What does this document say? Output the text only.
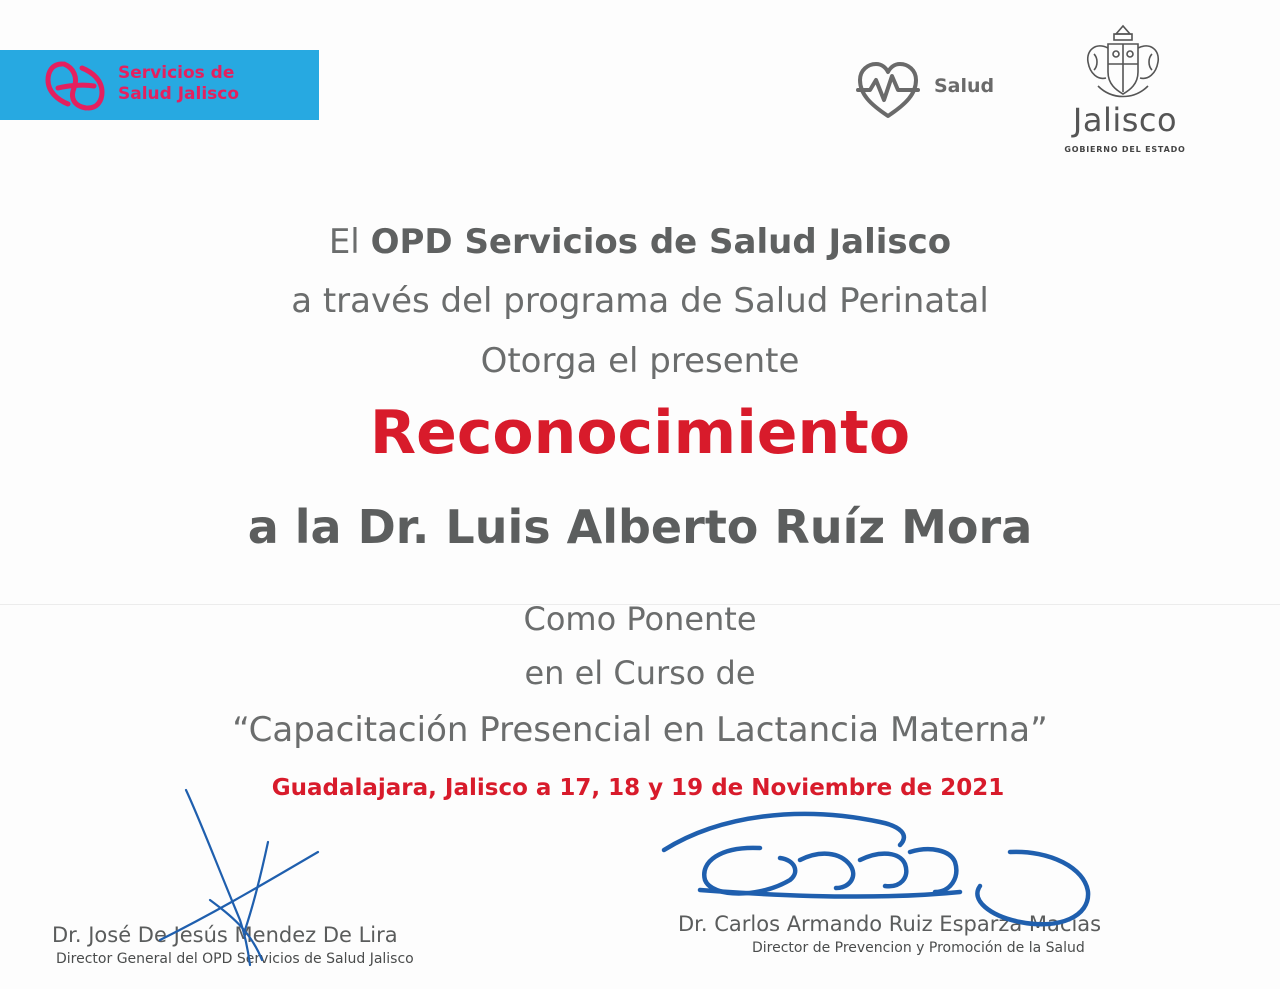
Servicios de
Salud Jalisco	Salud
Jalisco
GOBIERNO DEL ESTADO
El OPD Servicios de Salud Jalisco
a través del programa de Salud Perinatal
Otorga el presente
Reconocimiento
a la Dr. Luis Alberto Ruíz Mora
Como Ponente
en el Curso de
“Capacitación Presencial en Lactancia Materna”
Guadalajara, Jalisco a 17, 18 y 19 de Noviembre de 2021
Dr. José De Jesús Mendez De Lira
Director General del OPD Servicios de Salud Jalisco
Dr. Carlos Armando Ruiz Esparza Macias
Director de Prevencion y Promoción de la Salud
